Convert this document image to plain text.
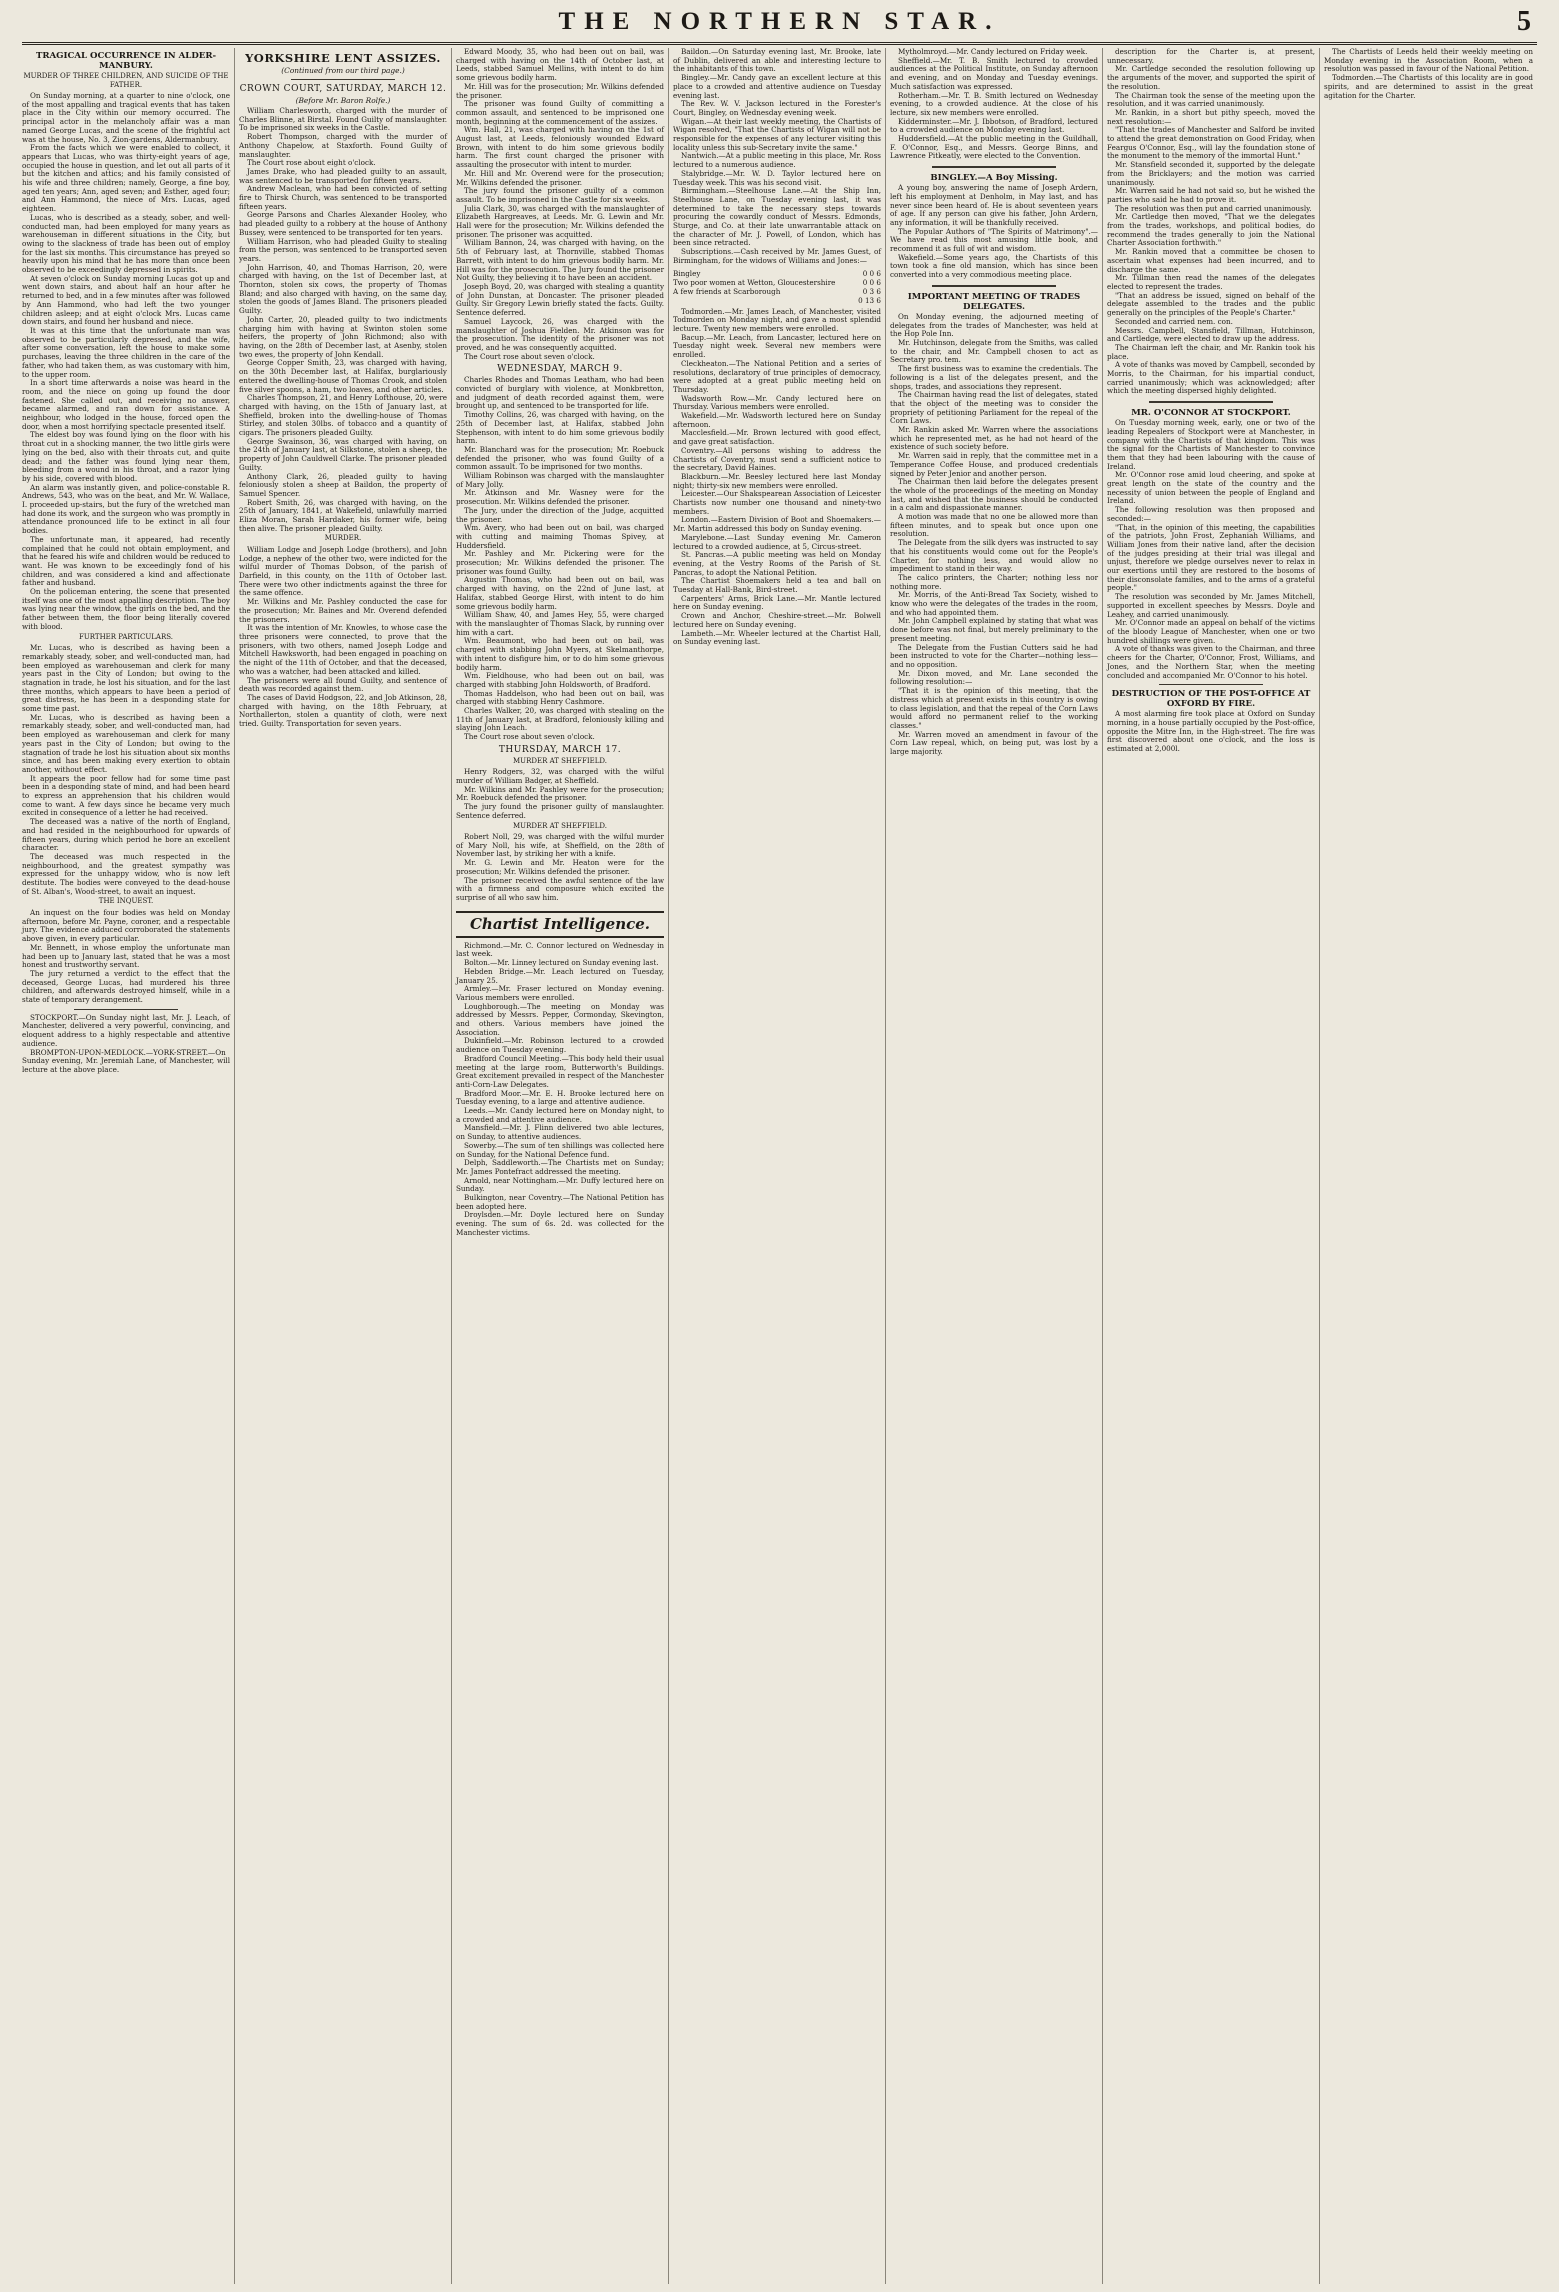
THE NORTHERN STAR.	5
TRAGICAL OCCURRENCE IN ALDER-MANBURY.
MURDER OF THREE CHILDREN, AND SUICIDE OF THE FATHER.

On Sunday morning, at a quarter to nine o'clock, one of the most appalling and tragical events that has taken place in the City within our memory occurred. The principal actor in the melancholy affair was a man named George Lucas, and the scene of the frightful act was at the house, No. 3, Zion-gardens, Aldermanbury.

From the facts which we were enabled to collect, it appears that Lucas, who was thirty-eight years of age, occupied the house in question, and let out all parts of it but the kitchen and attics; and his family consisted of his wife and three children; namely, George, a fine boy, aged ten years; Ann, aged seven; and Esther, aged four; and Ann Hammond, the niece of Mrs. Lucas, aged eighteen.

Lucas, who is described as a steady, sober, and well-conducted man, had been employed for many years as warehouseman in different situations in the City, but owing to the slackness of trade has been out of employ for the last six months. This circumstance has preyed so heavily upon his mind that he has more than once been observed to be exceedingly depressed in spirits.

At seven o'clock on Sunday morning Lucas got up and went down stairs, and about half an hour after he returned to bed, and in a few minutes after was followed by Ann Hammond, who had left the two younger children asleep; and at eight o'clock Mrs. Lucas came down stairs, and found her husband and niece.

It was at this time that the unfortunate man was observed to be particularly depressed, and the wife, after some conversation, left the house to make some purchases, leaving the three children in the care of the father, who had taken them, as was customary with him, to the upper room.

In a short time afterwards a noise was heard in the room, and the niece on going up found the door fastened. She called out, and receiving no answer, became alarmed, and ran down for assistance. A neighbour, who lodged in the house, forced open the door, when a most horrifying spectacle presented itself.

The eldest boy was found lying on the floor with his throat cut in a shocking manner, the two little girls were lying on the bed, also with their throats cut, and quite dead; and the father was found lying near them, bleeding from a wound in his throat, and a razor lying by his side, covered with blood.

An alarm was instantly given, and police-constable R. Andrews, 543, who was on the beat, and Mr. W. Wallace, I. proceeded up-stairs, but the fury of the wretched man had done its work, and the surgeon who was promptly in attendance pronounced life to be extinct in all four bodies.

The unfortunate man, it appeared, had recently complained that he could not obtain employment, and that he feared his wife and children would be reduced to want. He was known to be exceedingly fond of his children, and was considered a kind and affectionate father and husband.

On the policeman entering, the scene that presented itself was one of the most appalling description. The boy was lying near the window, the girls on the bed, and the father between them, the floor being literally covered with blood.

FURTHER PARTICULARS.

Mr. Lucas, who is described as having been a remarkably steady, sober, and well-conducted man, had been employed as warehouseman and clerk for many years past in the City of London; but owing to the stagnation in trade, he lost his situation, and for the last three months, which appears to have been a period of great distress, he has been in a desponding state for some time past.

Mr. Lucas, who is described as having been a remarkably steady, sober, and well-conducted man, had been employed as warehouseman and clerk for many years past in the City of London; but owing to the stagnation of trade he lost his situation about six months since, and has been making every exertion to obtain another, without effect.

It appears the poor fellow had for some time past been in a desponding state of mind, and had been heard to express an apprehension that his children would come to want. A few days since he became very much excited in consequence of a letter he had received.

The deceased was a native of the north of England, and had resided in the neighbourhood for upwards of fifteen years, during which period he bore an excellent character.

The deceased was much respected in the neighbourhood, and the greatest sympathy was expressed for the unhappy widow, who is now left destitute. The bodies were conveyed to the dead-house of St. Alban's, Wood-street, to await an inquest.

THE INQUEST.

An inquest on the four bodies was held on Monday afternoon, before Mr. Payne, coroner, and a respectable jury. The evidence adduced corroborated the statements above given, in every particular.

Mr. Bennett, in whose employ the unfortunate man had been up to January last, stated that he was a most honest and trustworthy servant.

The jury returned a verdict to the effect that the deceased, George Lucas, had murdered his three children, and afterwards destroyed himself, while in a state of temporary derangement.

STOCKPORT.—On Sunday night last, Mr. J. Leach, of Manchester, delivered a very powerful, convincing, and eloquent address to a highly respectable and attentive audience.

BROMPTON-UPON-MEDLOCK.—YORK-STREET.—On Sunday evening, Mr. Jeremiah Lane, of Manchester, will lecture at the above place.

YORKSHIRE LENT ASSIZES.
(Continued from our third page.)
CROWN COURT, SATURDAY, MARCH 12.
(Before Mr. Baron Rolfe.)

William Charlesworth, charged with the murder of Charles Blinne, at Birstal. Found Guilty of manslaughter. To be imprisoned six weeks in the Castle.

Robert Thompson, charged with the murder of Anthony Chapelow, at Staxforth. Found Guilty of manslaughter.

The Court rose about eight o'clock.

James Drake, who had pleaded guilty to an assault, was sentenced to be transported for fifteen years.

Andrew Maclean, who had been convicted of setting fire to Thirsk Church, was sentenced to be transported fifteen years.

George Parsons and Charles Alexander Hooley, who had pleaded guilty to a robbery at the house of Anthony Bussey, were sentenced to be transported for ten years.

William Harrison, who had pleaded Guilty to stealing from the person, was sentenced to be transported seven years.

John Harrison, 40, and Thomas Harrison, 20, were charged with having, on the 1st of December last, at Thornton, stolen six cows, the property of Thomas Bland; and also charged with having, on the same day, stolen the goods of James Bland. The prisoners pleaded Guilty.

John Carter, 20, pleaded guilty to two indictments charging him with having at Swinton stolen some heifers, the property of John Richmond; also with having, on the 28th of December last, at Asenby, stolen two ewes, the property of John Kendall.

George Copper Smith, 23, was charged with having, on the 30th December last, at Halifax, burglariously entered the dwelling-house of Thomas Crook, and stolen five silver spoons, a ham, two loaves, and other articles.

Charles Thompson, 21, and Henry Lofthouse, 20, were charged with having, on the 15th of January last, at Sheffield, broken into the dwelling-house of Thomas Stirley, and stolen 30lbs. of tobacco and a quantity of cigars. The prisoners pleaded Guilty.

George Swainson, 36, was charged with having, on the 24th of January last, at Silkstone, stolen a sheep, the property of John Cauldwell Clarke. The prisoner pleaded Guilty.

Anthony Clark, 26, pleaded guilty to having feloniously stolen a sheep at Baildon, the property of Samuel Spencer.

Robert Smith, 26, was charged with having, on the 25th of January, 1841, at Wakefield, unlawfully married Eliza Moran, Sarah Hardaker, his former wife, being then alive. The prisoner pleaded Guilty.

MURDER.

William Lodge and Joseph Lodge (brothers), and John Lodge, a nephew of the other two, were indicted for the wilful murder of Thomas Dobson, of the parish of Darfield, in this county, on the 11th of October last. There were two other indictments against the three for the same offence.

Mr. Wilkins and Mr. Pashley conducted the case for the prosecution; Mr. Baines and Mr. Overend defended the prisoners.

It was the intention of Mr. Knowles, to whose case the three prisoners were connected, to prove that the prisoners, with two others, named Joseph Lodge and Mitchell Hawksworth, had been engaged in poaching on the night of the 11th of October, and that the deceased, who was a watcher, had been attacked and killed.

The prisoners were all found Guilty, and sentence of death was recorded against them.

The cases of David Hodgson, 22, and Job Atkinson, 28, charged with having, on the 18th February, at Northallerton, stolen a quantity of cloth, were next tried. Guilty. Transportation for seven years.

Edward Moody, 35, who had been out on bail, was charged with having on the 14th of October last, at Leeds, stabbed Samuel Mellins, with intent to do him some grievous bodily harm.

Mr. Hill was for the prosecution; Mr. Wilkins defended the prisoner.

The prisoner was found Guilty of committing a common assault, and sentenced to be imprisoned one month, beginning at the commencement of the assizes.

Wm. Hall, 21, was charged with having on the 1st of August last, at Leeds, feloniously wounded Edward Brown, with intent to do him some grievous bodily harm. The first count charged the prisoner with assaulting the prosecutor with intent to murder.

Mr. Hill and Mr. Overend were for the prosecution; Mr. Wilkins defended the prisoner.

The jury found the prisoner guilty of a common assault. To be imprisoned in the Castle for six weeks.

Julia Clark, 30, was charged with the manslaughter of Elizabeth Hargreaves, at Leeds. Mr. G. Lewin and Mr. Hall were for the prosecution; Mr. Wilkins defended the prisoner. The prisoner was acquitted.

William Bannon, 24, was charged with having, on the 5th of February last, at Thornville, stabbed Thomas Barrett, with intent to do him grievous bodily harm. Mr. Hill was for the prosecution. The Jury found the prisoner Not Guilty, they believing it to have been an accident.

Joseph Boyd, 20, was charged with stealing a quantity of John Dunstan, at Doncaster. The prisoner pleaded Guilty. Sir Gregory Lewin briefly stated the facts. Guilty. Sentence deferred.

Samuel Laycock, 26, was charged with the manslaughter of Joshua Fielden. Mr. Atkinson was for the prosecution. The identity of the prisoner was not proved, and he was consequently acquitted.

The Court rose about seven o'clock.

WEDNESDAY, MARCH 9.

Charles Rhodes and Thomas Leatham, who had been convicted of burglary with violence, at Monkbretton, and judgment of death recorded against them, were brought up, and sentenced to be transported for life.

Timothy Collins, 26, was charged with having, on the 25th of December last, at Halifax, stabbed John Stephenson, with intent to do him some grievous bodily harm.

Mr. Blanchard was for the prosecution; Mr. Roebuck defended the prisoner, who was found Guilty of a common assault. To be imprisoned for two months.

William Robinson was charged with the manslaughter of Mary Jolly.

Mr. Atkinson and Mr. Wasney were for the prosecution. Mr. Wilkins defended the prisoner.

The Jury, under the direction of the Judge, acquitted the prisoner.

Wm. Avery, who had been out on bail, was charged with cutting and maiming Thomas Spivey, at Huddersfield.

Mr. Pashley and Mr. Pickering were for the prosecution; Mr. Wilkins defended the prisoner. The prisoner was found Guilty.

Augustin Thomas, who had been out on bail, was charged with having, on the 22nd of June last, at Halifax, stabbed George Hirst, with intent to do him some grievous bodily harm.

William Shaw, 40, and James Hey, 55, were charged with the manslaughter of Thomas Slack, by running over him with a cart.

Wm. Beaumont, who had been out on bail, was charged with stabbing John Myers, at Skelmanthorpe, with intent to disfigure him, or to do him some grievous bodily harm.

Wm. Fieldhouse, who had been out on bail, was charged with stabbing John Holdsworth, of Bradford.

Thomas Haddelson, who had been out on bail, was charged with stabbing Henry Cashmore.

Charles Walker, 20, was charged with stealing on the 11th of January last, at Bradford, feloniously killing and slaying John Leach.

The Court rose about seven o'clock.

THURSDAY, MARCH 17.
MURDER AT SHEFFIELD.

Henry Rodgers, 32, was charged with the wilful murder of William Badger, at Sheffield.

Mr. Wilkins and Mr. Pashley were for the prosecution; Mr. Roebuck defended the prisoner.

The jury found the prisoner guilty of manslaughter. Sentence deferred.

MURDER AT SHEFFIELD.

Robert Noll, 29, was charged with the wilful murder of Mary Noll, his wife, at Sheffield, on the 28th of November last, by striking her with a knife.

Mr. G. Lewin and Mr. Heaton were for the prosecution; Mr. Wilkins defended the prisoner.

The prisoner received the awful sentence of the law with a firmness and composure which excited the surprise of all who saw him.

Chartist Intelligence.

Richmond.—Mr. C. Connor lectured on Wednesday in last week.

Bolton.—Mr. Linney lectured on Sunday evening last.

Hebden Bridge.—Mr. Leach lectured on Tuesday, January 25.

Armley.—Mr. Fraser lectured on Monday evening. Various members were enrolled.

Loughborough.—The meeting on Monday was addressed by Messrs. Pepper, Cormonday, Skevington, and others. Various members have joined the Association.

Dukinfield.—Mr. Robinson lectured to a crowded audience on Tuesday evening.

Bradford Council Meeting.—This body held their usual meeting at the large room, Butterworth's Buildings. Great excitement prevailed in respect of the Manchester anti-Corn-Law Delegates.

Bradford Moor.—Mr. E. H. Brooke lectured here on Tuesday evening, to a large and attentive audience.

Leeds.—Mr. Candy lectured here on Monday night, to a crowded and attentive audience.

Mansfield.—Mr. J. Flinn delivered two able lectures, on Sunday, to attentive audiences.

Sowerby.—The sum of ten shillings was collected here on Sunday, for the National Defence fund.

Delph, Saddleworth.—The Chartists met on Sunday; Mr. James Pontefract addressed the meeting.

Arnold, near Nottingham.—Mr. Duffy lectured here on Sunday.

Bulkington, near Coventry.—The National Petition has been adopted here.

Droylsden.—Mr. Doyle lectured here on Sunday evening. The sum of 6s. 2d. was collected for the Manchester victims.

Baildon.—On Saturday evening last, Mr. Brooke, late of Dublin, delivered an able and interesting lecture to the inhabitants of this town.

Bingley.—Mr. Candy gave an excellent lecture at this place to a crowded and attentive audience on Tuesday evening last.

The Rev. W. V. Jackson lectured in the Forester's Court, Bingley, on Wednesday evening week.

Wigan.—At their last weekly meeting, the Chartists of Wigan resolved, "That the Chartists of Wigan will not be responsible for the expenses of any lecturer visiting this locality unless this sub-Secretary invite the same."

Nantwich.—At a public meeting in this place, Mr. Ross lectured to a numerous audience.

Stalybridge.—Mr. W. D. Taylor lectured here on Tuesday week. This was his second visit.

Birmingham.—Steelhouse Lane.—At the Ship Inn, Steelhouse Lane, on Tuesday evening last, it was determined to take the necessary steps towards procuring the cowardly conduct of Messrs. Edmonds, Sturge, and Co. at their late unwarrantable attack on the character of Mr. J. Powell, of London, which has been since retracted.

Subscriptions.—Cash received by Mr. James Guest, of Birmingham, for the widows of Williams and Jones:—

Bingley	0 0 6
Two poor women at Wetton, Gloucestershire	0 0 6
A few friends at Scarborough	0 3 6
	0 13 6

Todmorden.—Mr. James Leach, of Manchester, visited Todmorden on Monday night, and gave a most splendid lecture. Twenty new members were enrolled.

Bacup.—Mr. Leach, from Lancaster, lectured here on Tuesday night week. Several new members were enrolled.

Cleckheaton.—The National Petition and a series of resolutions, declaratory of true principles of democracy, were adopted at a great public meeting held on Thursday.

Wadsworth Row.—Mr. Candy lectured here on Thursday. Various members were enrolled.

Wakefield.—Mr. Wadsworth lectured here on Sunday afternoon.

Macclesfield.—Mr. Brown lectured with good effect, and gave great satisfaction.

Coventry.—All persons wishing to address the Chartists of Coventry, must send a sufficient notice to the secretary, David Haines.

Blackburn.—Mr. Beesley lectured here last Monday night; thirty-six new members were enrolled.

Leicester.—Our Shakspearean Association of Leicester Chartists now number one thousand and ninety-two members.

London.—Eastern Division of Boot and Shoemakers.—Mr. Martin addressed this body on Sunday evening.

Marylebone.—Last Sunday evening Mr. Cameron lectured to a crowded audience, at 5, Circus-street.

St. Pancras.—A public meeting was held on Monday evening, at the Vestry Rooms of the Parish of St. Pancras, to adopt the National Petition.

The Chartist Shoemakers held a tea and ball on Tuesday at Hall-Bank, Bird-street.

Carpenters' Arms, Brick Lane.—Mr. Mantle lectured here on Sunday evening.

Crown and Anchor, Cheshire-street.—Mr. Bolwell lectured here on Sunday evening.

Lambeth.—Mr. Wheeler lectured at the Chartist Hall, on Sunday evening last.

Mytholmroyd.—Mr. Candy lectured on Friday week.

Sheffield.—Mr. T. B. Smith lectured to crowded audiences at the Political Institute, on Sunday afternoon and evening, and on Monday and Tuesday evenings. Much satisfaction was expressed.

Rotherham.—Mr. T. B. Smith lectured on Wednesday evening, to a crowded audience. At the close of his lecture, six new members were enrolled.

Kidderminster.—Mr. J. Ibbotson, of Bradford, lectured to a crowded audience on Monday evening last.

Huddersfield.—At the public meeting in the Guildhall, F. O'Connor, Esq., and Messrs. George Binns, and Lawrence Pitkeatly, were elected to the Convention.

BINGLEY.—A Boy Missing.

A young boy, answering the name of Joseph Ardern, left his employment at Denholm, in May last, and has never since been heard of. He is about seventeen years of age. If any person can give his father, John Ardern, any information, it will be thankfully received.

The Popular Authors of "The Spirits of Matrimony".—We have read this most amusing little book, and recommend it as full of wit and wisdom.

Wakefield.—Some years ago, the Chartists of this town took a fine old mansion, which has since been converted into a very commodious meeting place.

IMPORTANT MEETING OF TRADES DELEGATES.

On Monday evening, the adjourned meeting of delegates from the trades of Manchester, was held at the Hop Pole Inn.

Mr. Hutchinson, delegate from the Smiths, was called to the chair, and Mr. Campbell chosen to act as Secretary pro. tem.

The first business was to examine the credentials. The following is a list of the delegates present, and the shops, trades, and associations they represent.

The Chairman having read the list of delegates, stated that the object of the meeting was to consider the propriety of petitioning Parliament for the repeal of the Corn Laws.

Mr. Rankin asked Mr. Warren where the associations which he represented met, as he had not heard of the existence of such society before.

Mr. Warren said in reply, that the committee met in a Temperance Coffee House, and produced credentials signed by Peter Jenior and another person.

The Chairman then laid before the delegates present the whole of the proceedings of the meeting on Monday last, and wished that the business should be conducted in a calm and dispassionate manner.

A motion was made that no one be allowed more than fifteen minutes, and to speak but once upon one resolution.

The Delegate from the silk dyers was instructed to say that his constituents would come out for the People's Charter, for nothing less, and would allow no impediment to stand in their way.

The calico printers, the Charter; nothing less nor nothing more.

Mr. Morris, of the Anti-Bread Tax Society, wished to know who were the delegates of the trades in the room, and who had appointed them.

Mr. John Campbell explained by stating that what was done before was not final, but merely preliminary to the present meeting.

The Delegate from the Fustian Cutters said he had been instructed to vote for the Charter—nothing less—and no opposition.

Mr. Dixon moved, and Mr. Lane seconded the following resolution:—

"That it is the opinion of this meeting, that the distress which at present exists in this country is owing to class legislation, and that the repeal of the Corn Laws would afford no permanent relief to the working classes."

Mr. Warren moved an amendment in favour of the Corn Law repeal, which, on being put, was lost by a large majority.

description for the Charter is, at present, unnecessary.

Mr. Cartledge seconded the resolution following up the arguments of the mover, and supported the spirit of the resolution.

The Chairman took the sense of the meeting upon the resolution, and it was carried unanimously.

Mr. Rankin, in a short but pithy speech, moved the next resolution:—

"That the trades of Manchester and Salford be invited to attend the great demonstration on Good Friday, when Feargus O'Connor, Esq., will lay the foundation stone of the monument to the memory of the immortal Hunt."

Mr. Stansfield seconded it, supported by the delegate from the Bricklayers; and the motion was carried unanimously.

Mr. Warren said he had not said so, but he wished the parties who said he had to prove it.

The resolution was then put and carried unanimously.

Mr. Cartledge then moved, "That we the delegates from the trades, workshops, and political bodies, do recommend the trades generally to join the National Charter Association forthwith."

Mr. Rankin moved that a committee be chosen to ascertain what expenses had been incurred, and to discharge the same.

Mr. Tillman then read the names of the delegates elected to represent the trades.

"That an address be issued, signed on behalf of the delegate assembled to the trades and the public generally on the principles of the People's Charter."

Seconded and carried nem. con.

Messrs. Campbell, Stansfield, Tillman, Hutchinson, and Cartledge, were elected to draw up the address.

The Chairman left the chair, and Mr. Rankin took his place.

A vote of thanks was moved by Campbell, seconded by Morris, to the Chairman, for his impartial conduct, carried unanimously; which was acknowledged; after which the meeting dispersed highly delighted.

MR. O'CONNOR AT STOCKPORT.

On Tuesday morning week, early, one or two of the leading Repealers of Stockport were at Manchester, in company with the Chartists of that kingdom. This was the signal for the Chartists of Manchester to convince them that they had been labouring with the cause of Ireland.

Mr. O'Connor rose amid loud cheering, and spoke at great length on the state of the country and the necessity of union between the people of England and Ireland.

The following resolution was then proposed and seconded:—

"That, in the opinion of this meeting, the capabilities of the patriots, John Frost, Zephaniah Williams, and William Jones from their native land, after the decision of the judges presiding at their trial was illegal and unjust, therefore we pledge ourselves never to relax in our exertions until they are restored to the bosoms of their disconsolate families, and to the arms of a grateful people."

The resolution was seconded by Mr. James Mitchell, supported in excellent speeches by Messrs. Doyle and Leahey, and carried unanimously.

Mr. O'Connor made an appeal on behalf of the victims of the bloody League of Manchester, when one or two hundred shillings were given.

A vote of thanks was given to the Chairman, and three cheers for the Charter, O'Connor, Frost, Williams, and Jones, and the Northern Star, when the meeting concluded and accompanied Mr. O'Connor to his hotel.

DESTRUCTION OF THE POST-OFFICE AT OXFORD BY FIRE.

A most alarming fire took place at Oxford on Sunday morning, in a house partially occupied by the Post-office, opposite the Mitre Inn, in the High-street. The fire was first discovered about one o'clock, and the loss is estimated at 2,000l.

The Chartists of Leeds held their weekly meeting on Monday evening in the Association Room, when a resolution was passed in favour of the National Petition.

Todmorden.—The Chartists of this locality are in good spirits, and are determined to assist in the great agitation for the Charter.
